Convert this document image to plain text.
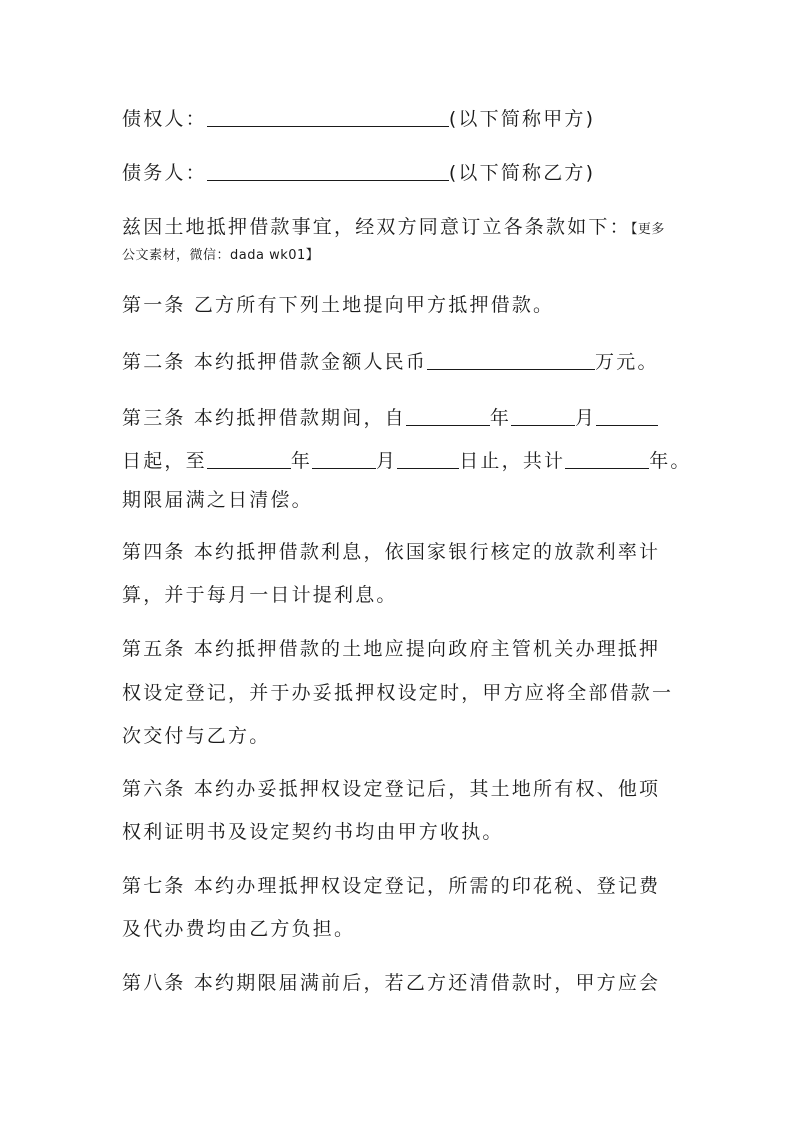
债权人：	(以下简称甲方)
债务人：	(以下简称乙方)
兹因土地抵押借款事宜，经双方同意订立各条款如下：【更多
公文素材，微信：dada wk01】
第一条 乙方所有下列土地提向甲方抵押借款。
第二条 本约抵押借款金额人民币	万元。
第三条 本约抵押借款期间，自	年	月
日起，至	年	月	日止，共计	年。
期限届满之日清偿。
第四条 本约抵押借款利息，依国家银行核定的放款利率计
算，并于每月一日计提利息。
第五条 本约抵押借款的土地应提向政府主管机关办理抵押
权设定登记，并于办妥抵押权设定时，甲方应将全部借款一
次交付与乙方。
第六条 本约办妥抵押权设定登记后，其土地所有权、他项
权利证明书及设定契约书均由甲方收执。
第七条 本约办理抵押权设定登记，所需的印花税、登记费
及代办费均由乙方负担。
第八条 本约期限届满前后，若乙方还清借款时，甲方应会
